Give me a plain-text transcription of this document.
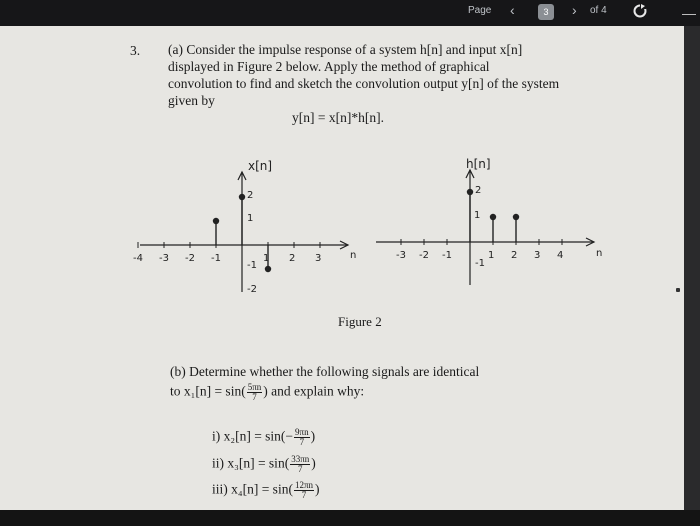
Page ‹	3	› of 4	—
3. (a) Consider the impulse response of a system h[n] and input x[n]
displayed in Figure 2 below. Apply the method of graphical
convolution to find and sketch the convolution output y[n] of the system
given by
y[n] = x[n]*h[n].
-4 -3 -2 -1	1 2 3
x[n]
n
2
1
-1
-2
-3 -2 -1	1 2 3 4
h[n]
n
2
1
-1
Figure 2
(b) Determine whether the following signals are identical
to $x_1[n] = \sin( \frac{5\pi n}{7}$ ) and explain why:
i) $x_2[n] = \sin(- \frac{9\pi n}{7}$ )
ii) $x_3[n] = \sin( \frac{33\pi n}{7}$ )
iii) $x_4[n] = \sin( \frac{12\pi n}{7}$ )
